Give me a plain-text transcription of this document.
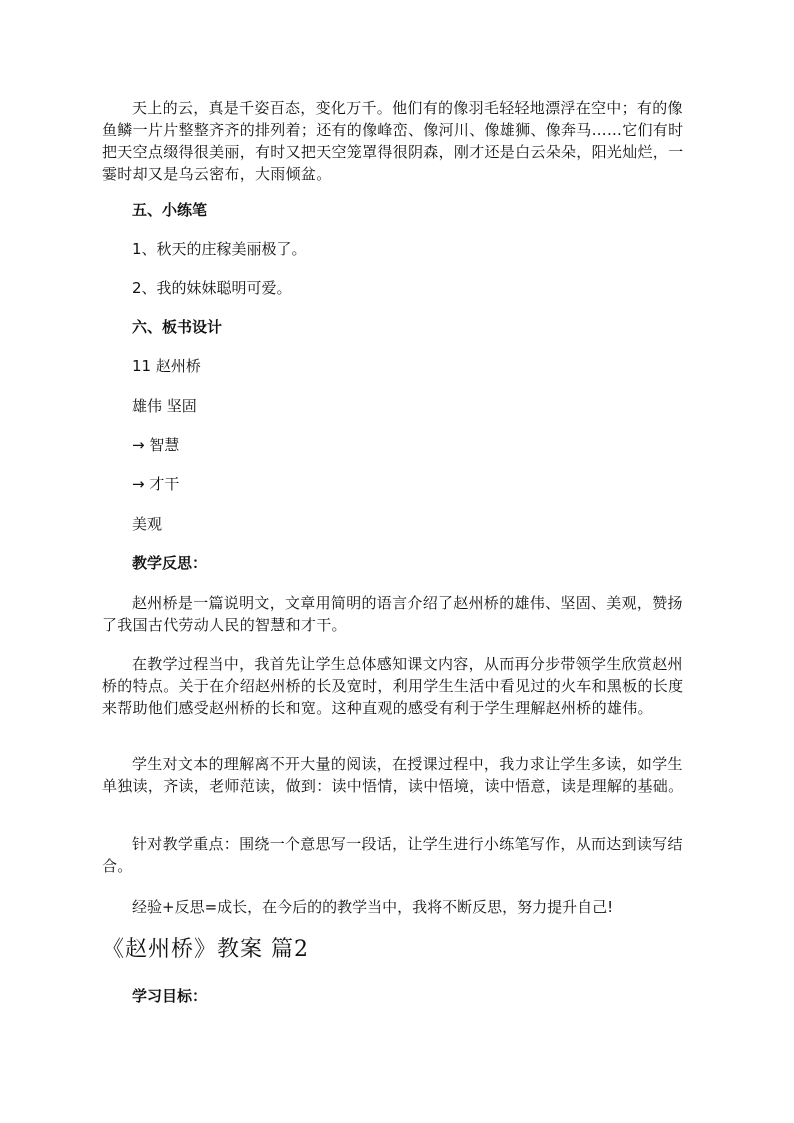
天上的云，真是千姿百态，变化万千。他们有的像羽毛轻轻地漂浮在空中；有的像鱼鳞一片片整整齐齐的排列着；还有的像峰峦、像河川、像雄狮、像奔马……它们有时把天空点缀得很美丽，有时又把天空笼罩得很阴森，刚才还是白云朵朵，阳光灿烂，一霎时却又是乌云密布，大雨倾盆。

五、小练笔

1、秋天的庄稼美丽极了。

2、我的妹妹聪明可爱。

六、板书设计

11 赵州桥

雄伟 坚固

→ 智慧

→ 才干

美观

教学反思：

赵州桥是一篇说明文，文章用简明的语言介绍了赵州桥的雄伟、坚固、美观，赞扬了我国古代劳动人民的智慧和才干。

在教学过程当中，我首先让学生总体感知课文内容，从而再分步带领学生欣赏赵州桥的特点。关于在介绍赵州桥的长及宽时，利用学生生活中看见过的火车和黑板的长度来帮助他们感受赵州桥的长和宽。这种直观的感受有利于学生理解赵州桥的雄伟。

学生对文本的理解离不开大量的阅读，在授课过程中，我力求让学生多读，如学生单独读，齐读，老师范读，做到：读中悟情，读中悟境，读中悟意，读是理解的基础。

针对教学重点：围绕一个意思写一段话，让学生进行小练笔写作，从而达到读写结合。

经验+反思=成长，在今后的的教学当中，我将不断反思，努力提升自己!

《赵州桥》教案 篇2

学习目标：
